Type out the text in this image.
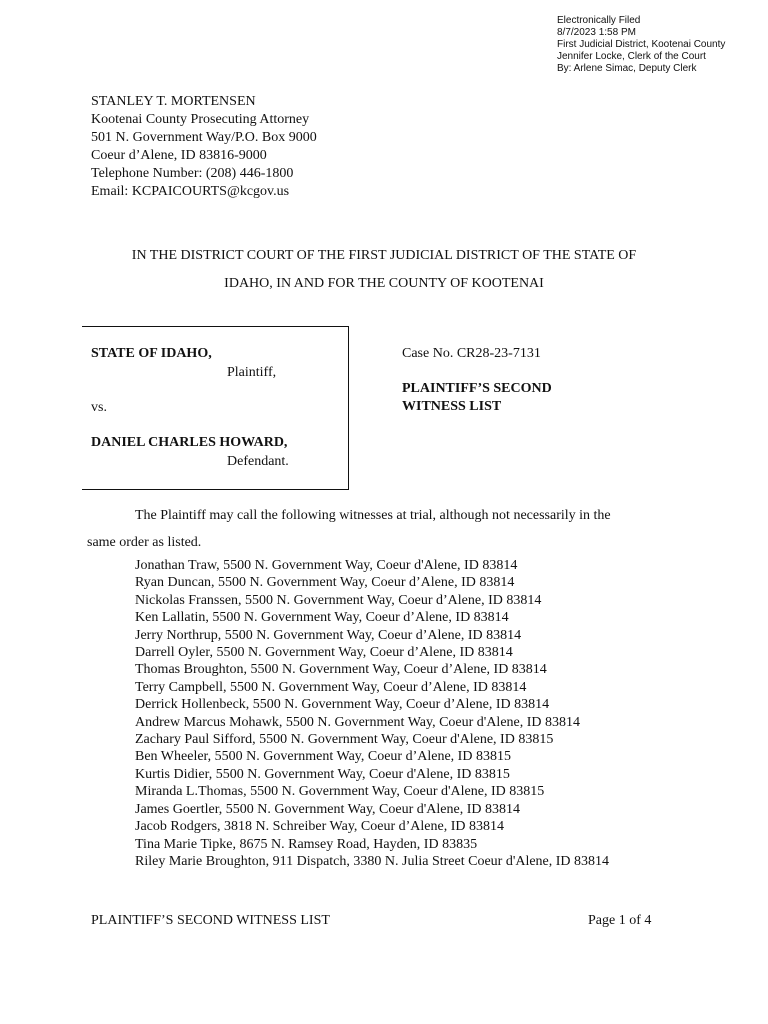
Electronically Filed
8/7/2023 1:58 PM
First Judicial District, Kootenai County
Jennifer Locke, Clerk of the Court
By: Arlene Simac, Deputy Clerk
STANLEY T. MORTENSEN
Kootenai County Prosecuting Attorney
501 N. Government Way/P.O. Box 9000
Coeur d’Alene, ID 83816-9000
Telephone Number: (208) 446-1800
Email: KCPAICOURTS@kcgov.us
IN THE DISTRICT COURT OF THE FIRST JUDICIAL DISTRICT OF THE STATE OF
IDAHO, IN AND FOR THE COUNTY OF KOOTENAI
STATE OF IDAHO,
Plaintiff,
vs.
DANIEL CHARLES HOWARD,
Defendant.
Case No. CR28-23-7131
PLAINTIFF’S SECOND
WITNESS LIST
The Plaintiff may call the following witnesses at trial, although not necessarily in the
same order as listed.
Jonathan Traw, 5500 N. Government Way, Coeur d'Alene, ID 83814
Ryan Duncan, 5500 N. Government Way, Coeur d’Alene, ID 83814
Nickolas Franssen, 5500 N. Government Way, Coeur d’Alene, ID 83814
Ken Lallatin, 5500 N. Government Way, Coeur d’Alene, ID 83814
Jerry Northrup, 5500 N. Government Way, Coeur d’Alene, ID 83814
Darrell Oyler, 5500 N. Government Way, Coeur d’Alene, ID 83814
Thomas Broughton, 5500 N. Government Way, Coeur d’Alene, ID 83814
Terry Campbell, 5500 N. Government Way, Coeur d’Alene, ID 83814
Derrick Hollenbeck, 5500 N. Government Way, Coeur d’Alene, ID 83814
Andrew Marcus Mohawk, 5500 N. Government Way, Coeur d'Alene, ID 83814
Zachary Paul Sifford, 5500 N. Government Way, Coeur d'Alene, ID 83815
Ben Wheeler, 5500 N. Government Way, Coeur d’Alene, ID 83815
Kurtis Didier, 5500 N. Government Way, Coeur d'Alene, ID 83815
Miranda L.Thomas, 5500 N. Government Way, Coeur d'Alene, ID 83815
James Goertler, 5500 N. Government Way, Coeur d'Alene, ID 83814
Jacob Rodgers, 3818 N. Schreiber Way, Coeur d’Alene, ID 83814
Tina Marie Tipke, 8675 N. Ramsey Road, Hayden, ID 83835
Riley Marie Broughton, 911 Dispatch, 3380 N. Julia Street Coeur d'Alene, ID 83814
PLAINTIFF’S SECOND WITNESS LIST	Page 1 of 4
